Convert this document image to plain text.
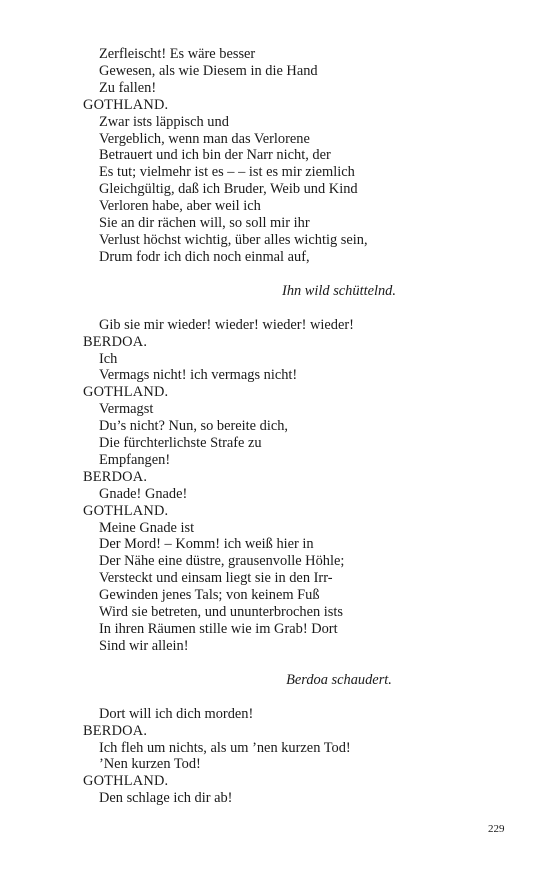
Zerfleischt! Es wäre besser
Gewesen, als wie Diesem in die Hand
Zu fallen!
GOTHLAND.
Zwar ists läppisch und
Vergeblich, wenn man das Verlorene
Betrauert und ich bin der Narr nicht, der
Es tut; vielmehr ist es – – ist es mir ziemlich
Gleichgültig, daß ich Bruder, Weib und Kind
Verloren habe, aber weil ich
Sie an dir rächen will, so soll mir ihr
Verlust höchst wichtig, über alles wichtig sein,
Drum fodr ich dich noch einmal auf,
Ihn wild schüttelnd.
Gib sie mir wieder! wieder! wieder! wieder!
BERDOA.
Ich
Vermags nicht! ich vermags nicht!
GOTHLAND.
Vermagst
Du’s nicht? Nun, so bereite dich,
Die fürchterlichste Strafe zu
Empfangen!
BERDOA.
Gnade! Gnade!
GOTHLAND.
Meine Gnade ist
Der Mord! – Komm! ich weiß hier in
Der Nähe eine düstre, grausenvolle Höhle;
Versteckt und einsam liegt sie in den Irr-
Gewinden jenes Tals; von keinem Fuß
Wird sie betreten, und ununterbrochen ists
In ihren Räumen stille wie im Grab! Dort
Sind wir allein!
Berdoa schaudert.
Dort will ich dich morden!
BERDOA.
Ich fleh um nichts, als um ’nen kurzen Tod!
’Nen kurzen Tod!
GOTHLAND.
Den schlage ich dir ab!
229
